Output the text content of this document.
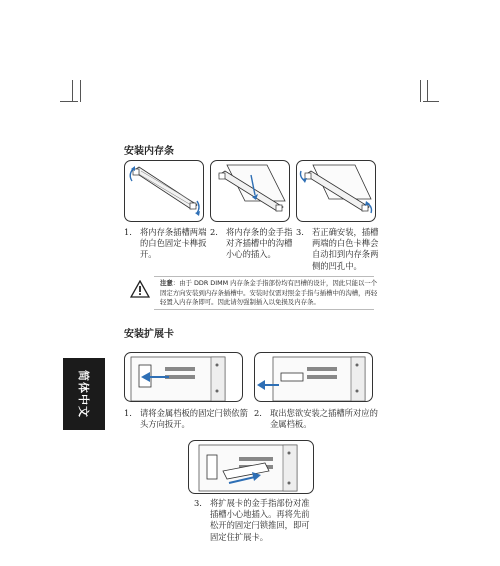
安装内存条
1. 将内存条插槽两端
的白色固定卡榫扳
开。
2. 将内存条的金手指
对齐插槽中的沟槽
小心的插入。
3. 若正确安装，插槽
两端的白色卡榫会
自动扣到内存条两
侧的凹孔中。
注意：由于 DDR DIMM 内存条金手指部份均有凹槽的设计，因此只能以一个固定方向安装到内存条插槽中。安装时仅需对照金手指与插槽中的沟槽，再轻轻置入内存条即可。因此请勿强制插入以免损及内存条。
安装扩展卡
简体中文	1. 请将金属档板的固定闩锁依箭
头方向扳开。
2. 取出您欲安装之插槽所对应的
金属档板。
3. 将扩展卡的金手指部份对准
插槽小心地插入。再将先前
松开的固定闩锁推回，即可
固定住扩展卡。
